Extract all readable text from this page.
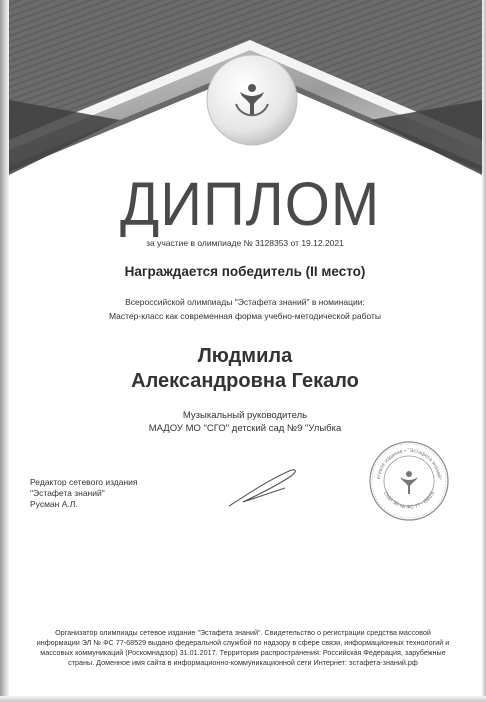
ДИПЛОМ
за участие в олимпиаде № 3128353 от 19.12.2021
Награждается победитель (II место)
Всероссийской олимпиады "Эстафета знаний" в номинации:
Мастер-класс как современная форма учебно-методической работы
Людмила
Александровна Гекало
Музыкальный руководитель
МАДОУ МО "СГО" детский сад №9 "Улыбка
Редактор сетевого издания
"Эстафета знаний"
Русман А.Л.
етевое издание • "Эстафета знаний"
СМИ ЭЛ № ФС 77 - 68529
Организатор олимпиады сетевое издание "Эстафета знаний". Свидетельство о регистрации средства массовой
информации ЭЛ № ФС 77-68529 выдано федеральной службой по надзору в сфере связи, информационных технологий и
массовых коммуникаций (Роскомнадзор) 31.01.2017. Территория распространения: Российская Федерация, зарубежные
страны. Доменное имя сайта в информационно-коммуникационной сети Интернет: эстафета-знаний.рф
